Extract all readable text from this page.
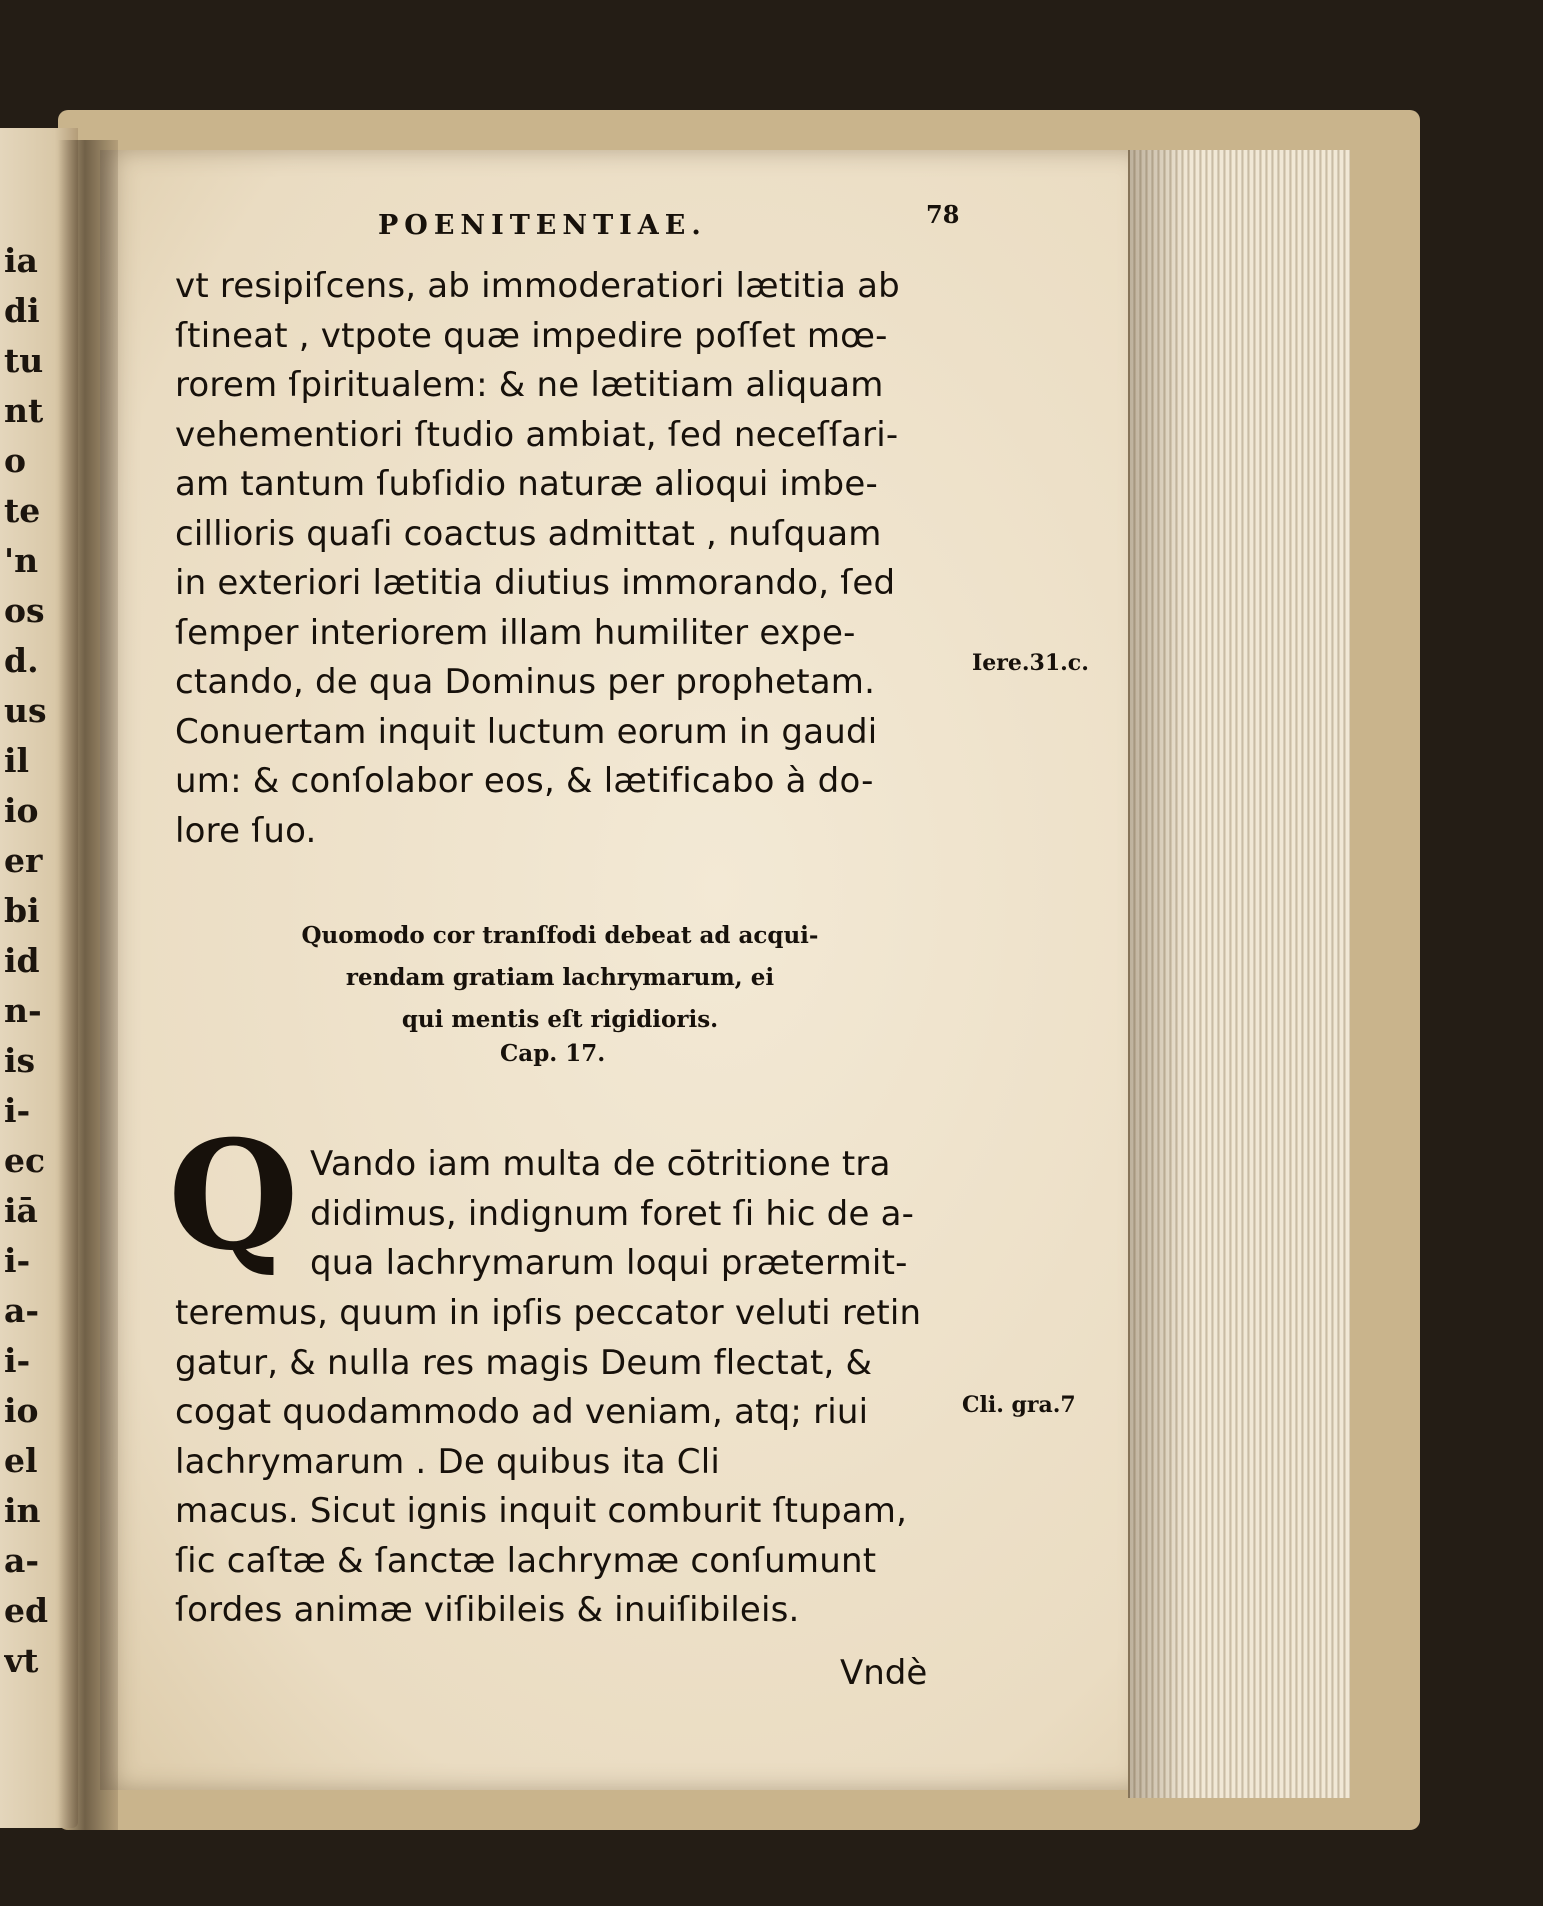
ia
di
tu
nt
o
te
'n
os
d.
us
il
io
er
bi
id
n-
is
i-
ec
iā
i-
a-
i-
io
el
in
a-
ed
vt
POENITENTIAE.	78
vt resipiſcens, ab immoderatiori lætitia ab
ſtineat , vtpote quæ impedire poſſet mœ-
rorem ſpiritualem: & ne lætitiam aliquam
vehementiori ſtudio ambiat, ſed neceſſari-
am tantum ſubſidio naturæ alioqui imbe-
cillioris quaſi coactus admittat , nuſquam
in exteriori lætitia diutius immorando, ſed
ſemper interiorem illam humiliter expe-
ctando, de qua Dominus per prophetam.
Conuertam inquit luctum eorum in gaudi
um: & conſolabor eos, & lætificabo à do-
lore ſuo.
Quomodo cor tranſfodi debeat ad acqui-
rendam gratiam lachrymarum, ei
qui mentis eſt rigidioris.
Cap. 17.
Q Vando iam multa de cōtritione tra
didimus, indignum foret ſi hic de a-
qua lachrymarum loqui prætermit-
teremus, quum in ipſis peccator veluti retin
gatur, & nulla res magis Deum flectat, &
cogat quodammodo ad veniam, atq; riui
lachrymarum . De quibus ita Cli
macus. Sicut ignis inquit comburit ſtupam,
ſic caſtæ & ſanctæ lachrymæ conſumunt
ſordes animæ viſibileis & inuiſibileis.
Vndè
Iere.31.c.
Cli. gra.7
